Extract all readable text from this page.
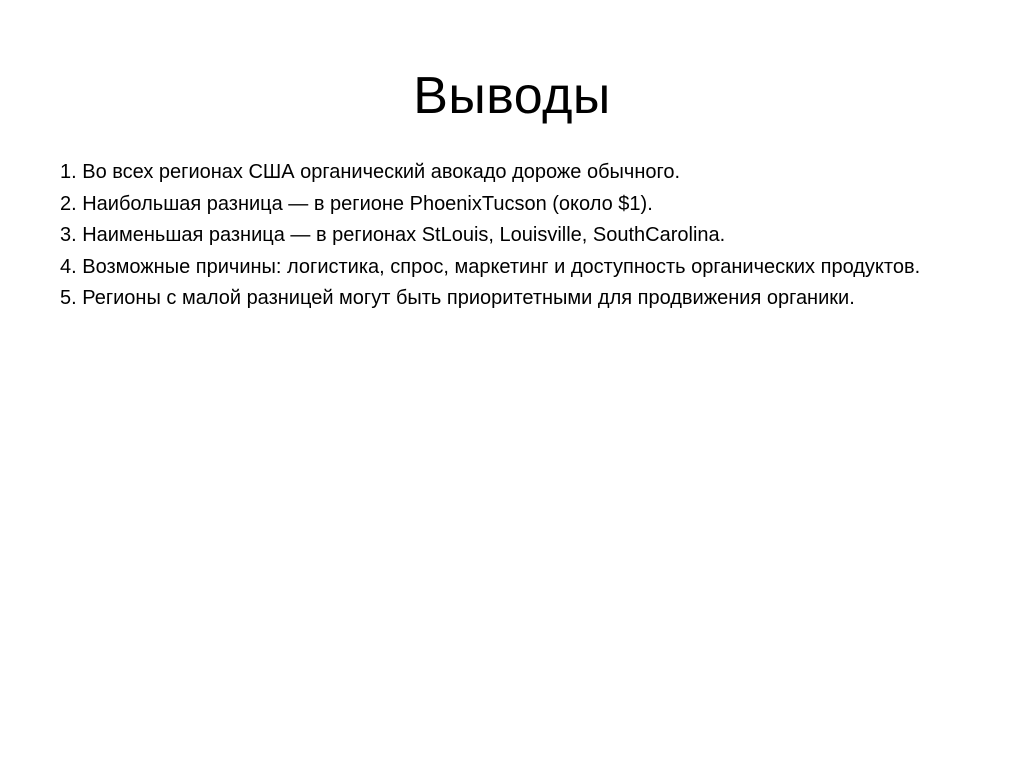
Выводы

1. Во всех регионах США органический авокадо дороже обычного.

2. Наибольшая разница — в регионе PhoenixTucson (около $1).

3. Наименьшая разница — в регионах StLouis, Louisville, SouthCarolina.

4. Возможные причины: логистика, спрос, маркетинг и доступность органических продуктов.

5. Регионы с малой разницей могут быть приоритетными для продвижения органики.
